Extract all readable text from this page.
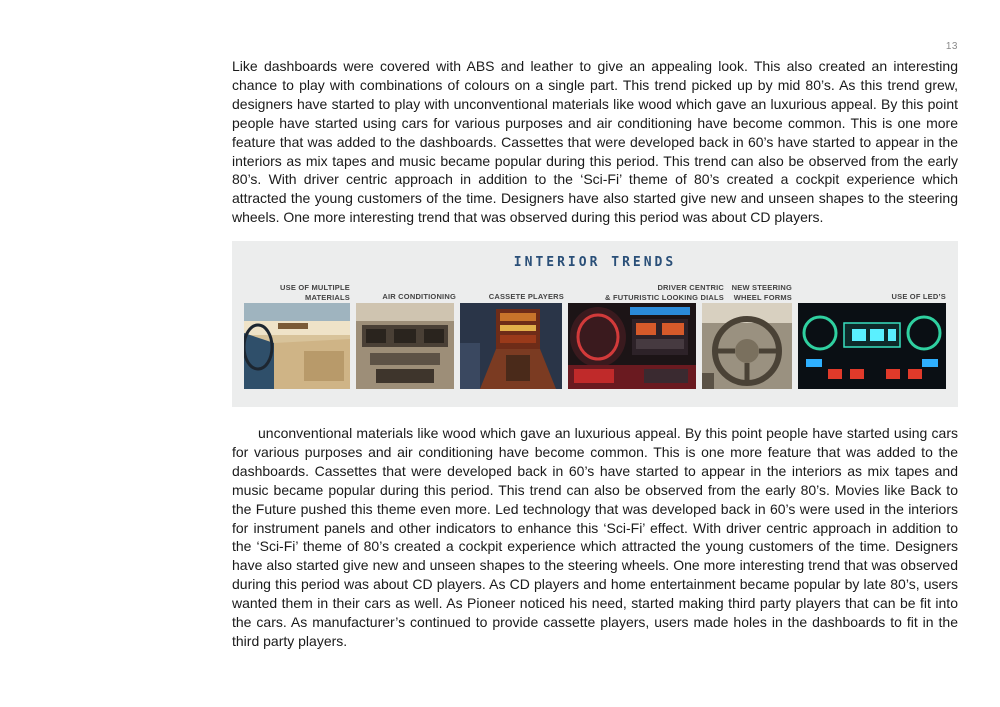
13

Like dashboards were covered with ABS and leather to give an appealing look. This also created an interesting chance to play with combinations of colours on a single part. This trend picked up by mid 80’s. As this trend grew, designers have started to play with unconventional materials like wood which gave an luxurious appeal. By this point people have started using cars for various purposes and air conditioning have become common. This is one more feature that was added to the dashboards. Cassettes that were developed back in 60’s have started to appear in the interiors as mix tapes and music became popular during this period. This trend can also be observed from the early 80’s. With driver centric approach in addition to the ‘Sci-Fi’ theme of 80’s created a cockpit experience which attracted the young customers of the time. Designers have also started give new and unseen shapes to the steering wheels. One more interesting trend that was observed during this period was about CD players.

INTERIOR TRENDS
USE OF MULTIPLE
MATERIALS	AIR CONDITIONING	CASSETE PLAYERS
DRIVER CENTRIC
& FUTURISTIC LOOKING DIALS
NEW STEERING
WHEEL FORMS	USE OF LED’S

unconventional materials like wood which gave an luxurious appeal. By this point people have started using cars for various purposes and air conditioning have become common. This is one more feature that was added to the dashboards. Cassettes that were developed back in 60’s have started to appear in the interiors as mix tapes and music became popular during this period. This trend can also be observed from the early 80’s. Movies like Back to the Future pushed this theme even more. Led technology that was developed back in 60’s were used in the interiors for instrument panels and other indicators to enhance this ‘Sci-Fi’ effect. With driver centric approach in addition to the ‘Sci-Fi’ theme of 80’s created a cockpit experience which attracted the young customers of the time. Designers have also started give new and unseen shapes to the steering wheels. One more interesting trend that was observed during this period was about CD players. As CD players and home entertainment became popular by late 80’s, users wanted them in their cars as well. As Pioneer noticed his need, started making third party players that can be fit into the cars. As manufacturer’s continued to provide cassette players, users made holes in the dashboards to fit in the third party players.
